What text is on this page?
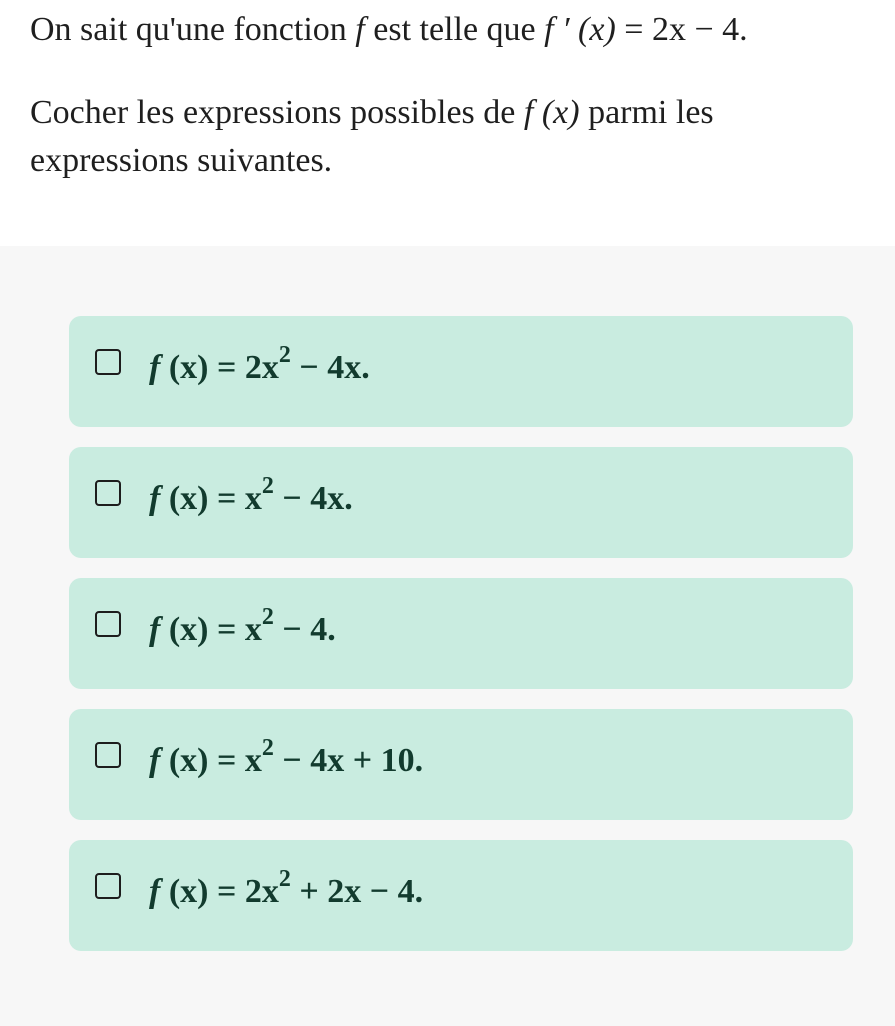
On sait qu'une fonction f est telle que f ′ (x) = 2x − 4.

Cocher les expressions possibles de f (x) parmi les

expressions suivantes.

f $(x) = 2x^2 - 4x$.
f $(x) = x^2 - 4x$.
f $(x) = x^2 - 4$.
f $(x) = x^2 - 4x + 10$.
f $(x) = 2x^2 + 2x - 4$.
